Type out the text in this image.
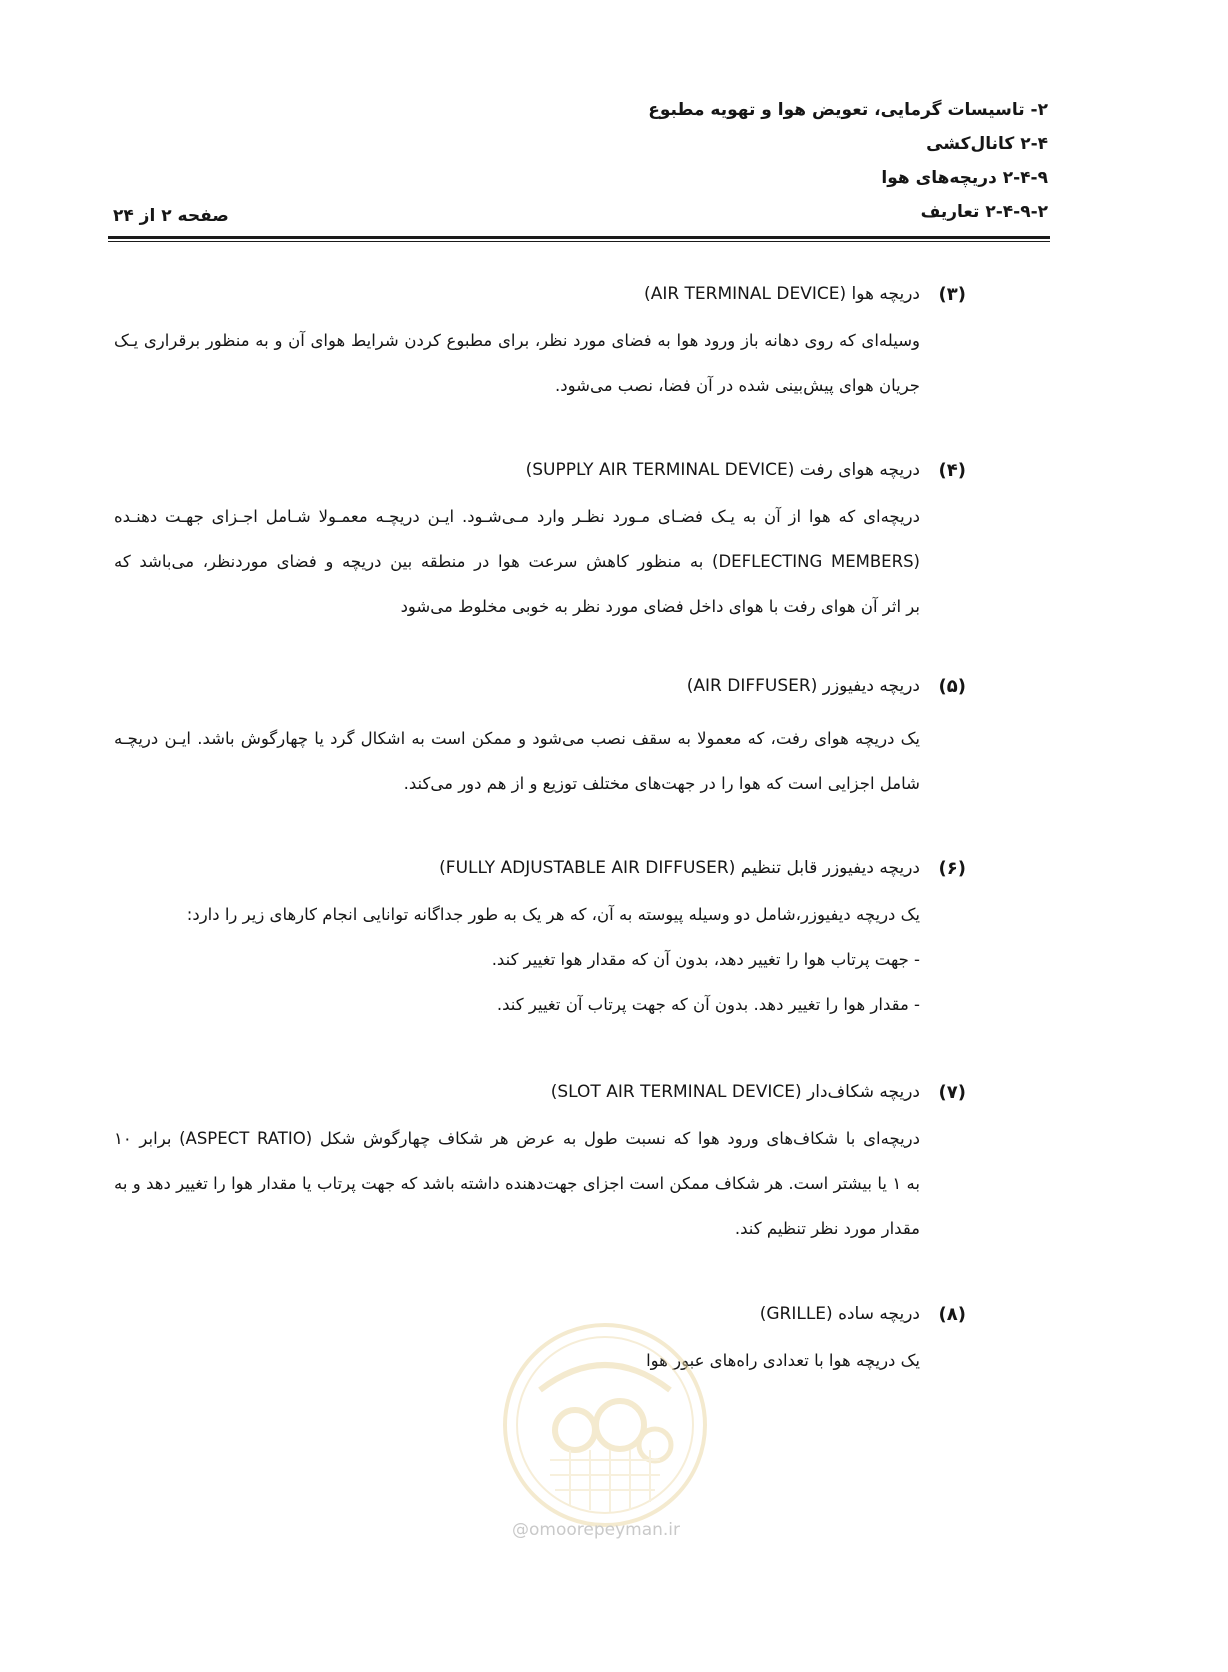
۲- تاسیسات گرمایی، تعویض هوا و تهویه مطبوع
۲-۴ کانال‌کشی
۲-۴-۹ دریچه‌های هوا
۲-۴-۹-۲ تعاریف
صفحه ۲ از ۲۴
(۳)
دریچه هوا (AIR TERMINAL DEVICE)
وسیله‌ای که روی دهانه باز ورود هوا به فضای مورد نظر، برای مطبوع کردن شرایط هوای آن و به منظور برقراری یـک
جریان هوای پیش‌بینی شده در آن فضا، نصب می‌شود.
(۴)
دریچه هوای رفت (SUPPLY AIR TERMINAL DEVICE)
دریچه‌ای که هوا از آن به یـک فضـای مـورد نظـر وارد مـی‌شـود. ایـن دریچـه معمـولا شـامل اجـزای جهـت دهنـده
(DEFLECTING MEMBERS) به منظور کاهش سرعت هوا در منطقه بین دریچه و فضای موردنظر، می‌باشد که
بر اثر آن هوای رفت با هوای داخل فضای مورد نظر به خوبی مخلوط می‌شود
(۵)
دریچه دیفیوزر (AIR DIFFUSER)
یک دریچه هوای رفت، که معمولا به سقف نصب می‌شود و ممکن است به اشکال گرد یا چهارگوش باشد. ایـن دریچـه
شامل اجزایی است که هوا را در جهت‌های مختلف توزیع و از هم دور می‌کند.
(۶)
دریچه دیفیوزر قابل تنظیم (FULLY ADJUSTABLE AIR DIFFUSER)
یک دریچه دیفیوزر،شامل دو وسیله پیوسته به آن، که هر یک به طور جداگانه توانایی انجام کارهای زیر را دارد:
- جهت پرتاب هوا را تغییر دهد، بدون آن که مقدار هوا تغییر کند.
- مقدار هوا را تغییر دهد. بدون آن که جهت پرتاب آن تغییر کند.
(۷)
دریچه شکاف‌دار (SLOT AIR TERMINAL DEVICE)
دریچه‌ای با شکاف‌های ورود هوا که نسبت طول به عرض هر شکاف چهارگوش شکل (ASPECT RATIO) برابر ۱۰
به ۱ یا بیشتر است. هر شکاف ممکن است اجزای جهت‌دهنده داشته باشد که جهت پرتاب یا مقدار هوا را تغییر دهد و به
مقدار مورد نظر تنظیم کند.
(۸)
دریچه ساده (GRILLE)
یک دریچه هوا با تعدادی راه‌های عبور هوا
@omoorepeyman.ir
